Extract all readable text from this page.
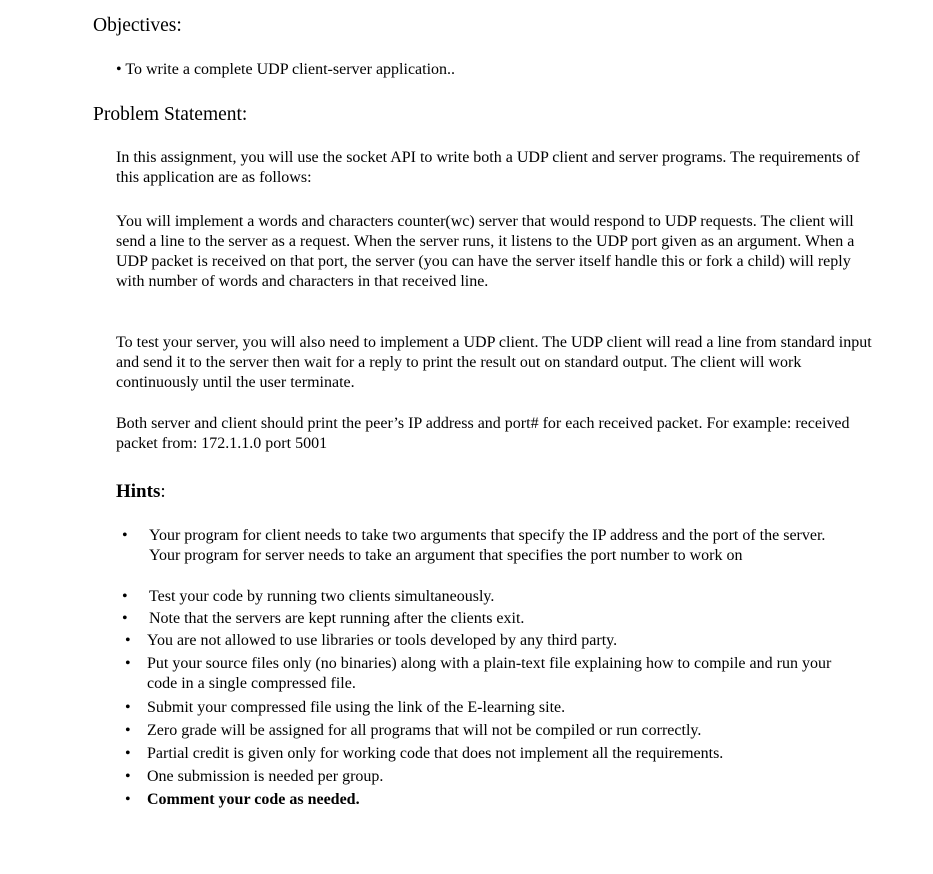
Objectives:
• To write a complete UDP client-server application..
Problem Statement:

In this assignment, you will use the socket API to write both a UDP client and server programs. The requirements of this application are as follows:

You will implement a words and characters counter(wc) server that would respond to UDP requests. The client will send a line to the server as a request. When the server runs, it listens to the UDP port given as an argument. When a UDP packet is received on that port, the server (you can have the server itself handle this or fork a child) will reply with number of words and characters in that received line.

To test your server, you will also need to implement a UDP client. The UDP client will read a line from standard input and send it to the server then wait for a reply to print the result out on standard output. The client will work continuously until the user terminate.

Both server and client should print the peer’s IP address and port# for each received packet. For example: received packet from: 172.1.1.0 port 5001

Hints:
• Your program for client needs to take two arguments that specify the IP address and the port of the server. Your program for server needs to take an argument that specifies the port number to work on
• Test your code by running two clients simultaneously.
• Note that the servers are kept running after the clients exit.
• You are not allowed to use libraries or tools developed by any third party.
• Put your source files only (no binaries) along with a plain-text file explaining how to compile and run your code in a single compressed file.
• Submit your compressed file using the link of the E-learning site.
• Zero grade will be assigned for all programs that will not be compiled or run correctly.
• Partial credit is given only for working code that does not implement all the requirements.
• One submission is needed per group.
• Comment your code as needed.
